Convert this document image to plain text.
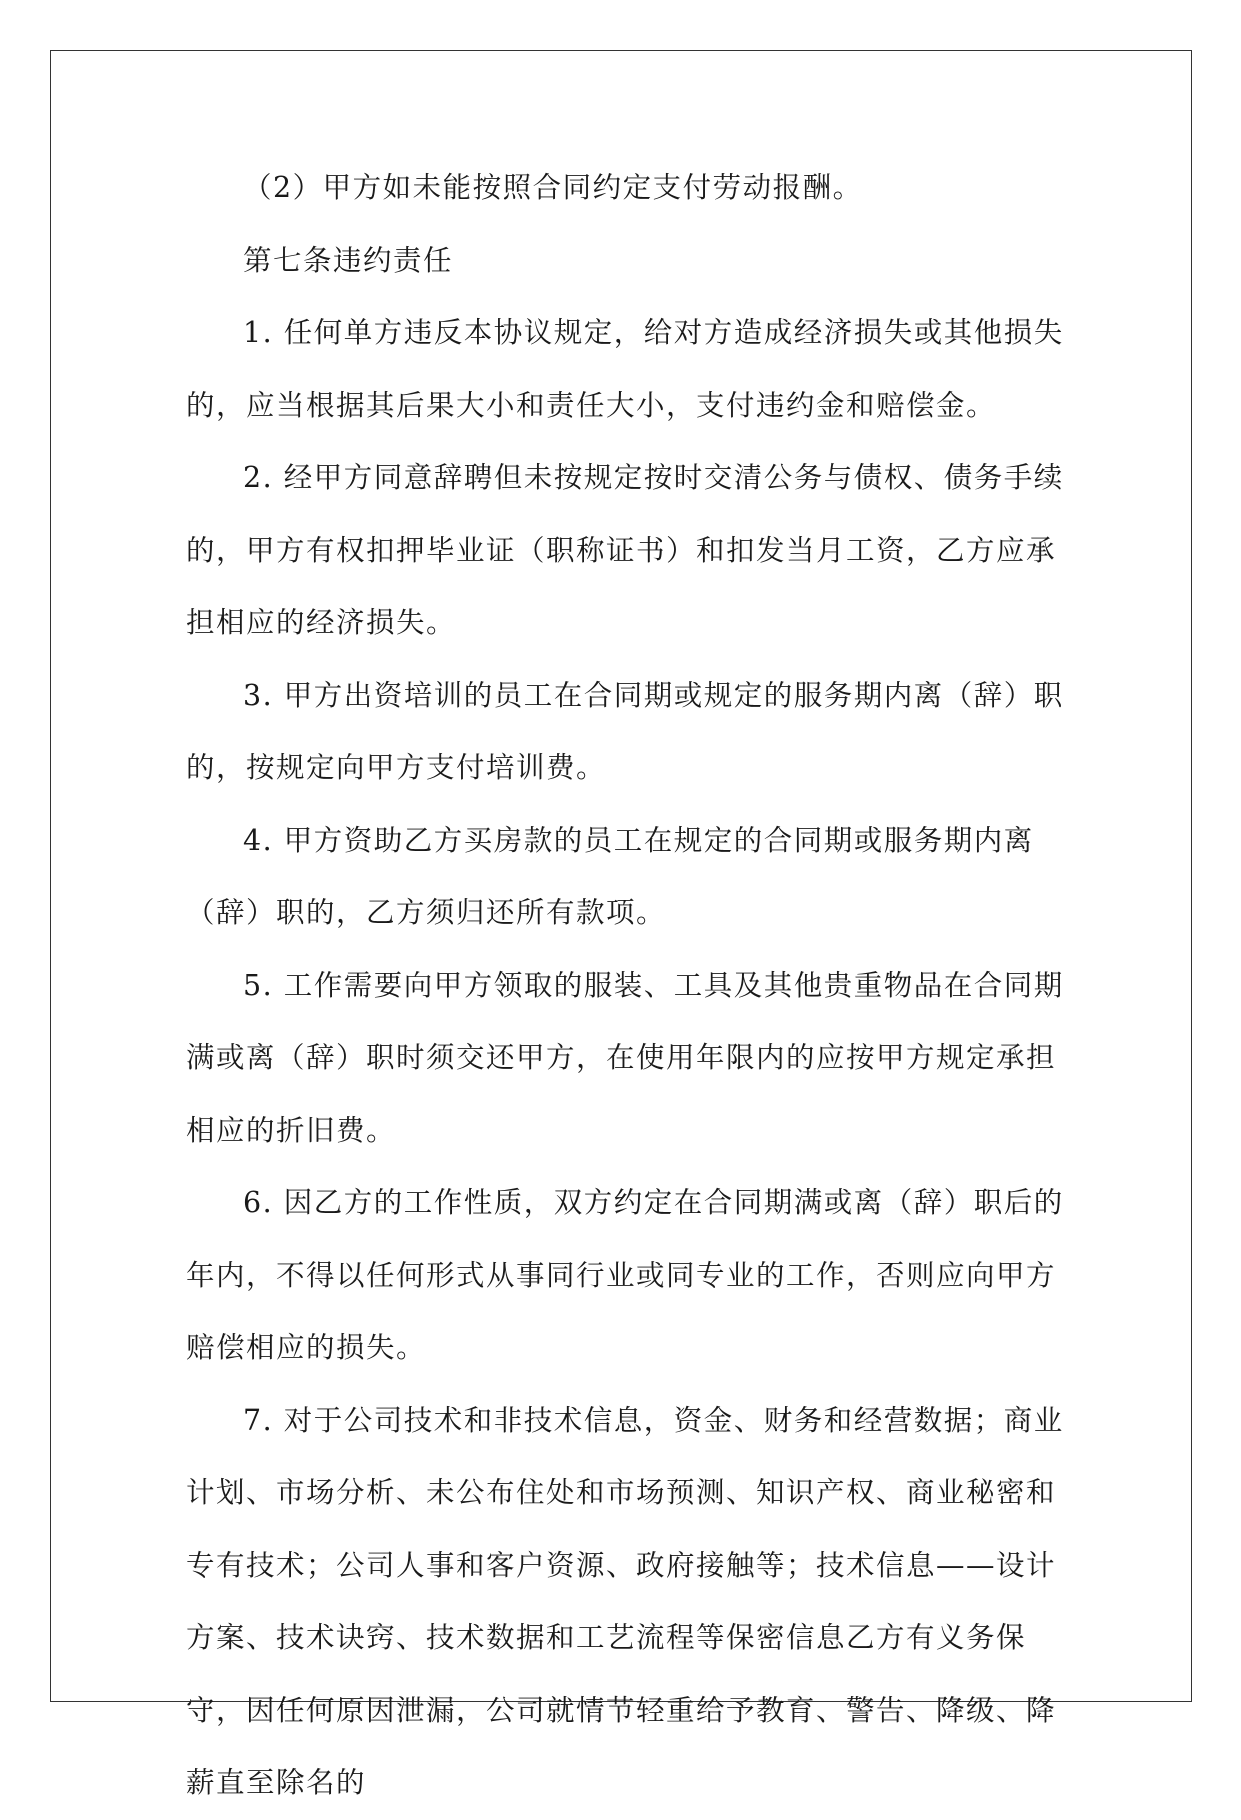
（2）甲方如未能按照合同约定支付劳动报酬。

第七条违约责任

1. 任何单方违反本协议规定，给对方造成经济损失或其他损失的，应当根据其后果大小和责任大小，支付违约金和赔偿金。

2. 经甲方同意辞聘但未按规定按时交清公务与债权、债务手续的，甲方有权扣押毕业证（职称证书）和扣发当月工资，乙方应承担相应的经济损失。

3. 甲方出资培训的员工在合同期或规定的服务期内离（辞）职的，按规定向甲方支付培训费。

4. 甲方资助乙方买房款的员工在规定的合同期或服务期内离（辞）职的，乙方须归还所有款项。

5. 工作需要向甲方领取的服装、工具及其他贵重物品在合同期满或离（辞）职时须交还甲方，在使用年限内的应按甲方规定承担相应的折旧费。

6. 因乙方的工作性质，双方约定在合同期满或离（辞）职后的年内，不得以任何形式从事同行业或同专业的工作，否则应向甲方赔偿相应的损失。

7. 对于公司技术和非技术信息，资金、财务和经营数据；商业计划、市场分析、未公布住处和市场预测、知识产权、商业秘密和专有技术；公司人事和客户资源、政府接触等；技术信息——设计方案、技术诀窍、技术数据和工艺流程等保密信息乙方有义务保守，因任何原因泄漏，公司就情节轻重给予教育、警告、降级、降薪直至除名的
